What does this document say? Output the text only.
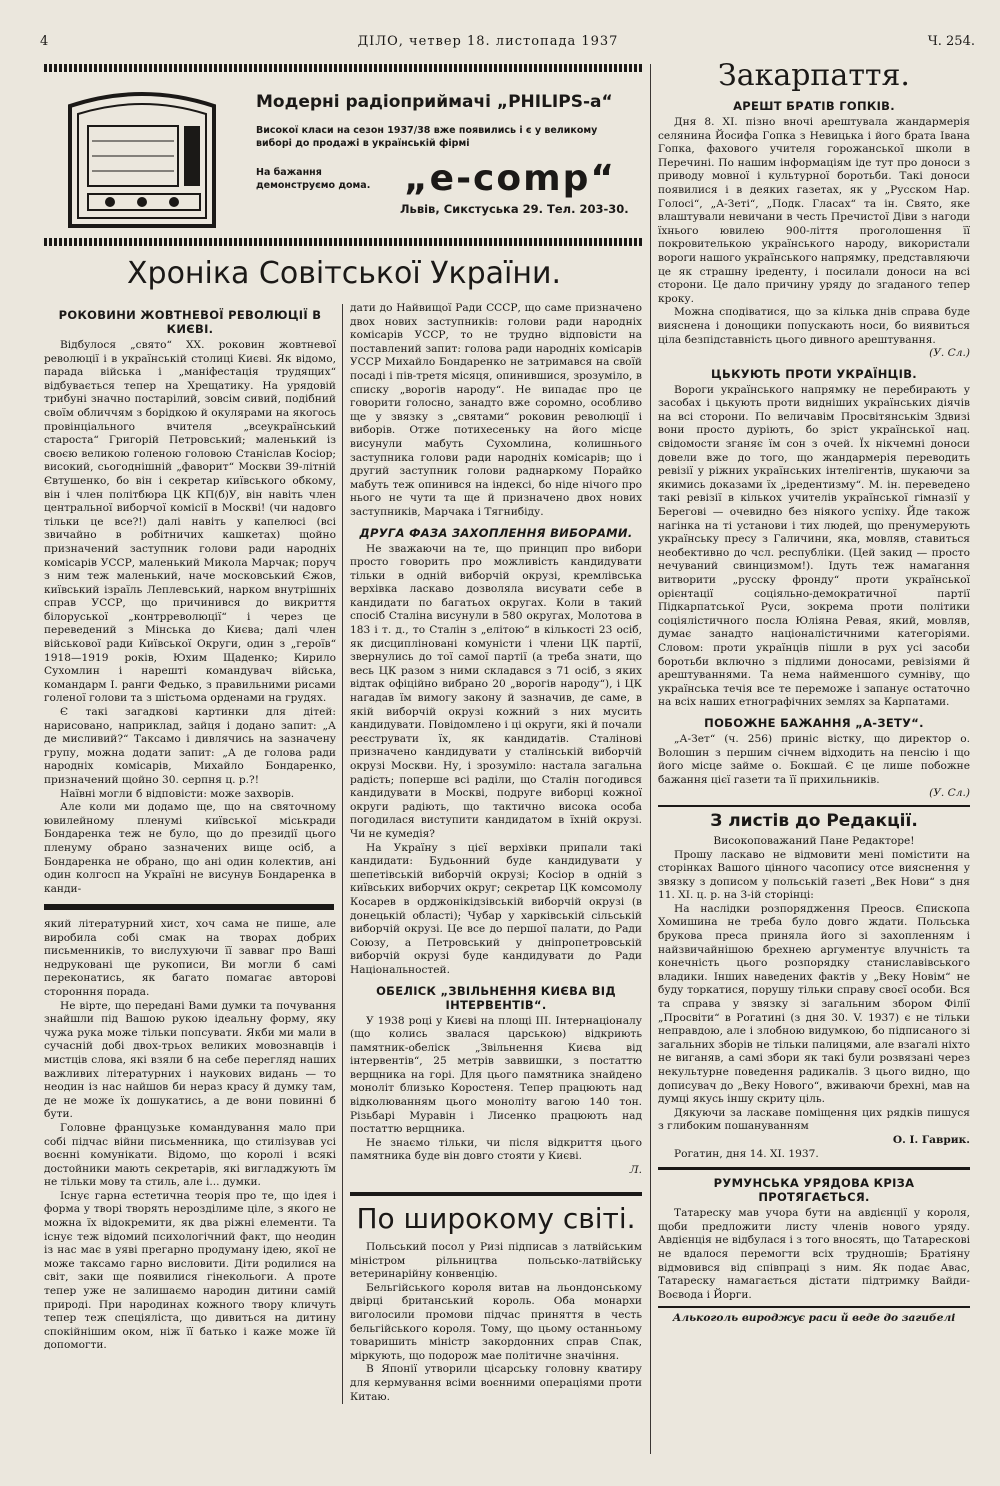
4	ДІЛО, четвер 18. листопада 1937	Ч. 254.
Модерні радіоприймачі „PHILIPS-а“
Високої класи на сезон 1937/38 вже появились і є у великому виборі до продажі в українській фірмі
На бажання демонструємо дома. „e-comp“
Львів, Сикстуська 29. Тел. 203-30.
Хроніка Совітської України.
РОКОВИНИ ЖОВТНЕВОЇ РЕВОЛЮЦІЇ В КИЄВІ.

Відбулося „свято“ XX. роковин жовтневої революції і в українській столиці Києві. Як відомо, парада війська і „маніфестація трудящих“ відбувається тепер на Хрещатику. На урядовій трибуні значно постарілий, зовсім сивий, подібний своїм обличчям з борідкою й окулярами на якогось провінціального вчителя „всеукраїнський староста“ Григорій Петровський; маленький із своєю великою голеною головою Станіслав Косіор; високий, сьогоднішній „фаворит“ Москви 39-літній Євтушенко, бо він і секретар київського обкому, він і член політбюра ЦК КП(б)У, він навіть член центральної виборчої комісії в Москві! (чи надовго тільки це все?!) далі навіть у капелюсі (всі звичайно в робітничих кашкетах) щойно призначений заступник голови ради народніх комісарів УССР, маленький Микола Марчак; поруч з ним теж маленький, наче московський Єжов, київський ізраїль Леплевський, нарком внутрішніх справ УССР, що причинився до викриття білоруської „контрреволюції“ і через це переведений з Мінська до Києва; далі член військової ради Київської Округи, один з „героїв“ 1918—1919 років, Юхим Щаденко; Кирило Сухомлин і нарешті командувач війська, командарм І. ранги Федько, з правильними рисами голеної голови та з шістьома орденами на грудях.

Є такі загадкові картинки для дітей: нарисовано, наприклад, зайця і додано запит: „А де мисливий?“ Таксамо і дивлячись на зазначену групу, можна додати запит: „А де голова ради народніх комісарів, Михайло Бондаренко, призначений щойно 30. серпня ц. р.?!

Наївні могли б відповісти: може захворів.

Але коли ми додамо ще, що на святочному ювилейному пленумі київської міськради Бондаренка теж не було, що до президії цього пленуму обрано зазначених вище осіб, а Бондаренка не обрано, що ані один колектив, ані один колгосп на Україні не висунув Бондаренка в канди-

дати до Найвищої Ради СССР, що саме призначено двох нових заступників: голови ради народніх комісарів УССР, то не трудно відповісти на поставлений запит: голова ради народніх комісарів УССР Михайло Бондаренко не затримався на своїй посаді і пів-третя місяця, опинившися, зрозуміло, в списку „ворогів народу“. Не випадає про це говорити голосно, занадто вже соромно, особливо ще у звязку з „святами“ роковин революції і виборів. Отже потихесеньку на його місце висунули мабуть Сухомлина, колишнього заступника голови ради народніх комісарів; що і другий заступник голови раднаркому Порайко мабуть теж опинився на індексі, бо ніде нічого про нього не чути та ще й призначено двох нових заступників, Марчака і Тягнибіду.

ДРУГА ФАЗА ЗАХОПЛЕННЯ ВИБОРАМИ.

Не зважаючи на те, що принцип про вибори просто говорить про можливість кандидувати тільки в одній виборчій окрузі, кремлівська верхівка ласкаво дозволяла висувати себе в кандидати по багатьох округах. Коли в такий спосіб Сталіна висунули в 580 округах, Молотова в 183 і т. д., то Сталін з „елітою“ в кількості 23 осіб, як дисципліновані комуністи і члени ЦК партії, звернулись до тої самої партії (а треба знати, що весь ЦК разом з ними складався з 71 осіб, з яких відтак офіційно вибрано 20 „ворогів народу“), і ЦК нагадав їм вимогу закону й зазначив, де саме, в якій виборчій окрузі кожний з них мусить кандидувати. Повідомлено і ці округи, які й почали реєструвати їх, як кандидатів. Сталінові призначено кандидувати у сталінській виборчій окрузі Москви. Ну, і зрозуміло: настала загальна радість; поперше всі раділи, що Сталін погодився кандидувати в Москві, подруге виборці кожної округи радіють, що тактично висока особа погодилася виступити кандидатом в їхній окрузі. Чи не кумедія?

На Україну з цієї верхівки припали такі кандидати: Будьонний буде кандидувати у шепетівській виборчій окрузі; Косіор в одній з київських виборчих округ; секретар ЦК комсомолу Косарев в орджонікідзівській виборчій окрузі (в донецькій області); Чубар у харківській сільській виборчій окрузі. Це все до першої палати, до Ради Союзу, а Петровський у дніпропетровській виборчій окрузі буде кандидувати до Ради Національностей.

ОБЕЛІСК „ЗВІЛЬНЕННЯ КИЄВА ВІД ІНТЕРВЕНТІВ“.

У 1938 році у Києві на площі III. Інтернаціоналу (що колись звалася царською) відкриють памятник-обеліск „Звільнення Києва від інтервентів“, 25 метрів заввишки, з постаттю верщника на горі. Для цього памятника знайдено моноліт близько Коростеня. Тепер працюють над відколюванням цього моноліту вагою 140 тон. Різьбарі Муравін і Лисенко працюють над постаттю верщника.

Не знаємо тільки, чи після відкриття цього памятника буде він довго стояти у Києві.

Л.

який літературний хист, хоч сама не пише, але виробила собі смак на творах добрих письменників, то вислухуючи її завваг про Ваші недруковані ще рукописи, Ви могли б самі переконатись, як багато помагає авторові сторонння порада.

Не вірте, що передані Вами думки та почування знайшли під Вашою рукою ідеальну форму, яку чужа рука може тільки попсувати. Якби ми мали в сучасній добі двох-трьох великих мовознавців і мистців слова, які взяли б на себе перегляд наших важливих літературних і наукових видань — то неодин із нас найшов би нераз красу й думку там, де не може їх дошукатись, а де вони повинні б бути.

Головне французьке командування мало при собі підчас війни письменника, що стилізував усі воєнні комунікати. Відомо, що королі і всякі достойники мають секретарів, які вигладжують їм не тільки мову та стиль, але і... думки.

Існує гарна естетична теорія про те, що ідея і форма у творі творять нерозділиме ціле, з якого не можна їх відокремити, як два ріжні елементи. Та існує теж відомий психологічний факт, що неодин із нас має в уяві прегарно продуману ідею, якої не може таксамо гарно висловити. Діти родилися на світ, заки ще появилися гінекольоги. А проте тепер уже не залишаємо народин дитини самій природі. При народинах кожного твору кличуть тепер теж спеціяліста, що дивиться на дитину спокійнішим оком, ніж її батько і каже може їй допомогти.

По широкому світі.

Польський посол у Ризі підписав з латвійським міністром рільництва польсько-латвійську ветеринарійну конвенцію.

Бельгійського короля витав на льондонському двірці британський король. Оба монархи виголосили промови підчас приняття в честь бельгійського короля. Тому, що цьому останньому товаришить міністр закордонних справ Спак, міркують, що подорож мае політичне значіння.

В Японії утворили цісарську головну кватиру для кермування всіми воєнними операціями проти Китаю.

Закарпаття.
АРЕШТ БРАТІВ ГОПКІВ.

Дня 8. XI. пізно вночі арештувала жандармерія селянина Йосифа Гопка з Невицька і його брата Івана Гопка, фахового учителя горожанської школи в Перечині. По нашим інформаціям іде тут про доноси з приводу мовної і культурної боротьби. Такі доноси появилися і в деяких газетах, як у „Русском Нар. Голосі“, „А-Зеті“, „Подк. Гласах“ та ін. Свято, яке влаштували невичани в честь Пречистої Діви з нагоди їхнього ювилею 900-ліття проголошення її покровителькою українського народу, використали вороги нашого українського напрямку, представляючи це як страшну іреденту, і посилали доноси на всі сторони. Це дало причину уряду до згаданого тепер кроку.

Можна сподіватися, що за кілька днів справа буде вияснена і донощики попускають носи, бо виявиться ціла безпідставність цього дивного арештування.

(У. Сл.)

ЦЬКУЮТЬ ПРОТИ УКРАЇНЦІВ.

Вороги українського напрямку не перебирають у засобах і цькують проти видніших українських діячів на всі сторони. По величавім Просвітянськім Здвизі вони просто дуріють, бо зріст української нац. свідомости зганяє їм сон з очей. Їх нікчемні доноси довели вже до того, що жандармерія переводить ревізії у ріжних українських інтелігентів, шукаючи за якимись доказами їх „іредентизму“. М. ін. переведено такі ревізії в кількох учителів української гімназії у Берегові — очевидно без ніякого успіху. Йде також нагінка на ті установи і тих людей, що пренумерують українську пресу з Галичини, яка, мовляв, ставиться необективно до чсл. республіки. (Цей закид — просто нечуваний свинцизмом!). Ідуть теж намагання витворити „русску фронду“ проти української орієнтації соціяльно-демократичної партії Підкарпатської Руси, зокрема проти політики соціялістичного посла Юліяна Ревая, який, мовляв, думає занадто націоналістичними категоріями. Словом: проти українців пішли в рух усі засоби боротьби включно з підлими доносами, ревізіями й арештуваннями. Та нема найменшого сумніву, що українська течія все те переможе і запанує остаточно на всіх наших етнографічних землях за Карпатами.

ПОБОЖНЕ БАЖАННЯ „А-ЗЕТУ“.

„А-Зет“ (ч. 256) приніс вістку, що директор о. Волошин з першим січнем відходить на пенсію і що його місце займе о. Бокшай. Є це лише побожне бажання цієї газети та її прихильників.

(У. Сл.)

З листів до Редакції.

Високоповажаний Пане Редакторе!

Прошу ласкаво не відмовити мені помістити на сторінках Вашого цінного часопису отсе вияснення у звязку з дописом у польській газеті „Век Нови“ з дня 11. XI. ц. р. на 3-ій сторінці:

На наслідки розпорядження Преосв. Єпископа Хомишина не треба було довго ждати. Польська брукова преса приняла його зі захопленням і найзвичайнішою брехнею аргументує влучність та конечність цього розпорядку станиславівського владики. Інших наведених фактів у „Веку Новім“ не буду торкатися, порушу тільки справу своєї особи. Вся та справа у звязку зі загальним збором Філії „Просвіти“ в Рогатині (з дня 30. V. 1937) є не тільки неправдою, але і злобною видумкою, бо підписаного зі загальних зборів не тільки палицями, але взагалі ніхто не виганяв, а самі збори як такі були розвязані через некультурне поведення радикалів. З цього видно, що дописувач до „Веку Нового“, вживаючи брехні, мав на думці якусь іншу скриту ціль.

Дякуючи за ласкаве поміщення цих рядків пишуся з глибоким пошануванням

О. І. Гаврик.

Рогатин, дня 14. XI. 1937.

РУМУНСЬКА УРЯДОВА КРІЗА ПРОТЯГАЄТЬСЯ.

Татареску мав учора бути на авдієнції у короля, щоби предложити листу членів нового уряду. Авдієнція не відбулася і з того вносять, що Татарескові не вдалося перемогти всіх трудношів; Братіяну відмовився від співпраці з ним. Як подає Авас, Татареску намагається дістати підтримку Вайди-Воєвода і Йорги.

Алькоголь вироджує раси й веде до загибелі
